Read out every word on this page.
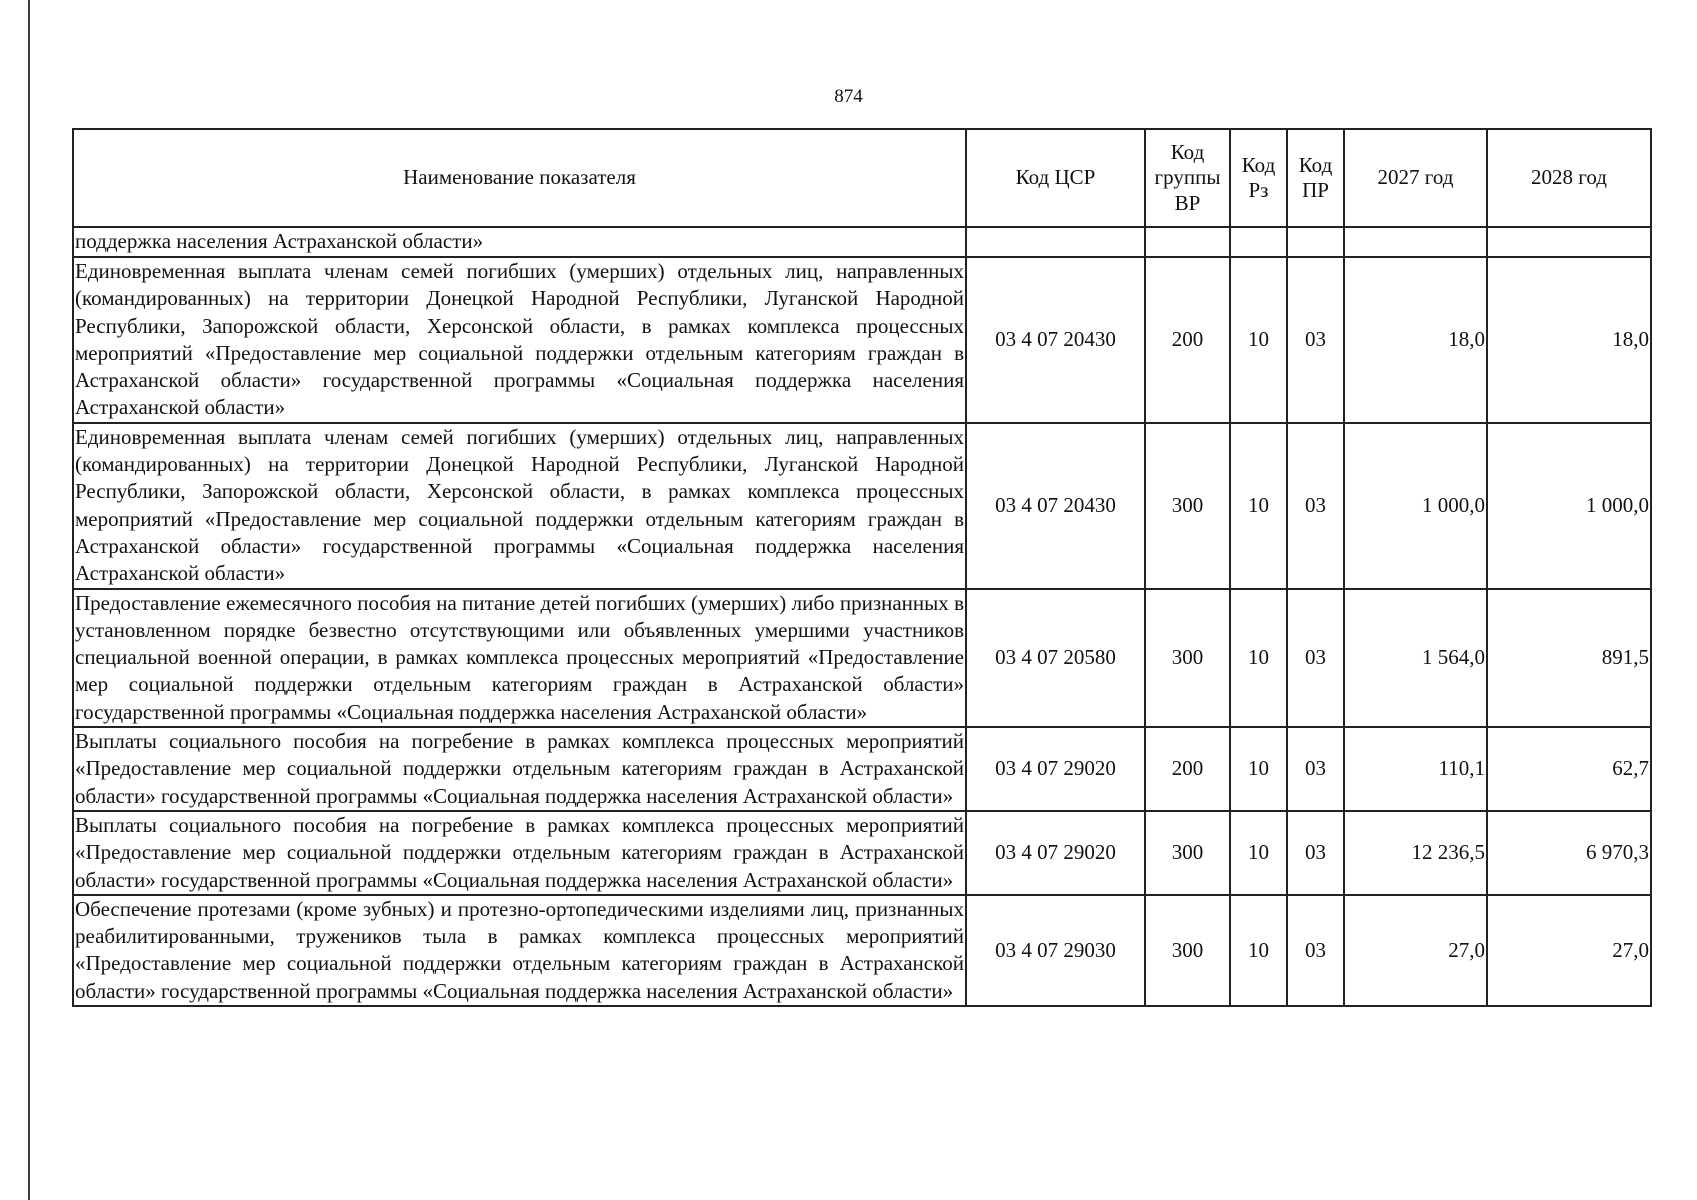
874
Наименование показателя	Код ЦСР	Код группы ВР	Код Рз	Код ПР	2027 год	2028 год
поддержка населения Астраханской области»						
Единовременная выплата членам семей погибших (умерших) отдельных лиц, направленных (командированных) на территории Донецкой Народной Республики, Луганской Народной Республики, Запорожской области, Херсонской области, в рамках комплекса процессных мероприятий «Предоставление мер социальной поддержки отдельным категориям граждан в Астраханской области» государственной программы «Социальная поддержка населения Астраханской области»	03 4 07 20430	200	10	03	18,0	18,0
Единовременная выплата членам семей погибших (умерших) отдельных лиц, направленных (командированных) на территории Донецкой Народной Республики, Луганской Народной Республики, Запорожской области, Херсонской области, в рамках комплекса процессных мероприятий «Предоставление мер социальной поддержки отдельным категориям граждан в Астраханской области» государственной программы «Социальная поддержка населения Астраханской области»	03 4 07 20430	300	10	03	1 000,0	1 000,0
Предоставление ежемесячного пособия на питание детей погибших (умерших) либо признанных в установленном порядке безвестно отсутствующими или объявленных умершими участников специальной военной операции, в рамках комплекса процессных мероприятий «Предоставление мер социальной поддержки отдельным категориям граждан в Астраханской области» государственной программы «Социальная поддержка населения Астраханской области»	03 4 07 20580	300	10	03	1 564,0	891,5
Выплаты социального пособия на погребение в рамках комплекса процессных мероприятий «Предоставление мер социальной поддержки отдельным категориям граждан в Астраханской области» государственной программы «Социальная поддержка населения Астраханской области»	03 4 07 29020	200	10	03	110,1	62,7
Выплаты социального пособия на погребение в рамках комплекса процессных мероприятий «Предоставление мер социальной поддержки отдельным категориям граждан в Астраханской области» государственной программы «Социальная поддержка населения Астраханской области»	03 4 07 29020	300	10	03	12 236,5	6 970,3
Обеспечение протезами (кроме зубных) и протезно-ортопедическими изделиями лиц, признанных реабилитированными, тружеников тыла в рамках комплекса процессных мероприятий «Предоставление мер социальной поддержки отдельным категориям граждан в Астраханской области» государственной программы «Социальная поддержка населения Астраханской области»	03 4 07 29030	300	10	03	27,0	27,0
